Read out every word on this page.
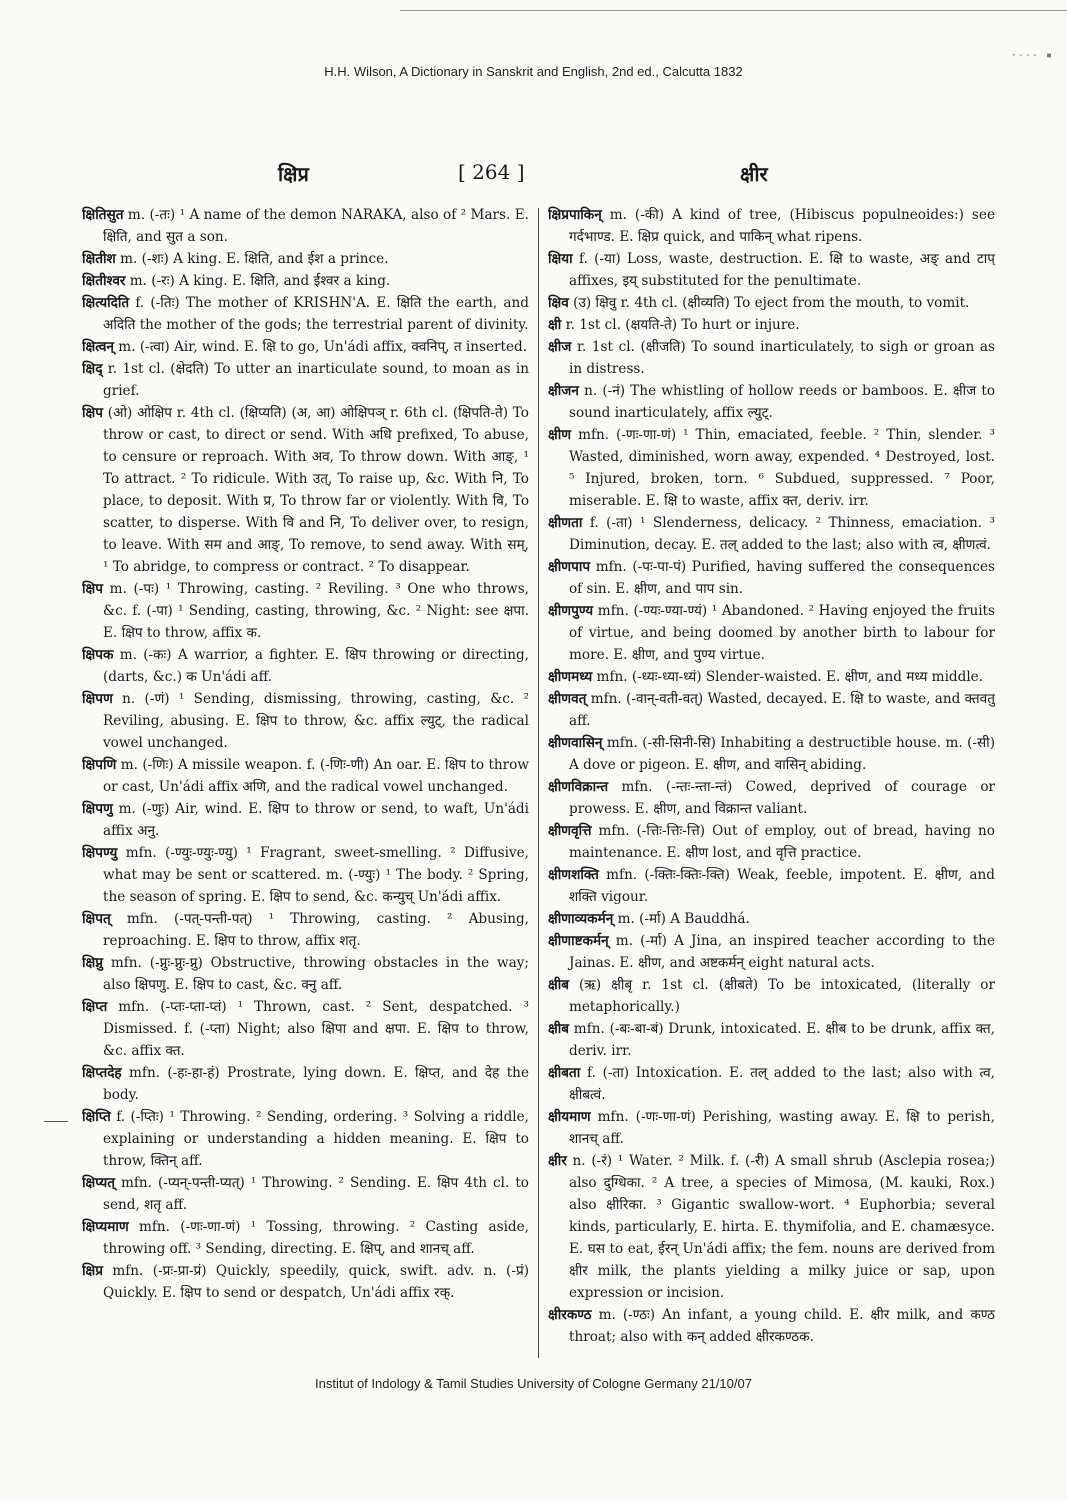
·‑‑‑ ▪
H.H. Wilson, A Dictionary in Sanskrit and English, 2nd ed., Calcutta 1832
क्षिप्र	[ 264 ]	क्षीर
क्षितिसुत m. (-तः) ¹ A name of the demon NARAKA, also of ² Mars. E. क्षिति, and सुत a son.
क्षितीश m. (-शः) A king. E. क्षिति, and ईश a prince.
क्षितीश्वर m. (-रः) A king. E. क्षिति, and ईश्वर a king.
क्षित्यदिति f. (-तिः) The mother of KRISHN'A. E. क्षिति the earth, and अदिति the mother of the gods; the terrestrial parent of divinity.
क्षित्वन् m. (-त्वा) Air, wind. E. क्षि to go, Un'ádi affix, क्वनिप्, त inserted.
क्षिद् r. 1st cl. (क्षेदति) To utter an inarticulate sound, to moan as in grief.
क्षिप (ओ) ओक्षिप r. 4th cl. (क्षिप्यति) (अ, आ) ओक्षिपञ् r. 6th cl. (क्षिपति-ते) To throw or cast, to direct or send. With अधि prefixed, To abuse, to censure or reproach. With अव, To throw down. With आङ्, ¹ To attract. ² To ridicule. With उत्, To raise up, &c. With नि, To place, to deposit. With प्र, To throw far or violently. With वि, To scatter, to disperse. With वि and नि, To deliver over, to resign, to leave. With सम and आङ्, To remove, to send away. With सम्, ¹ To abridge, to compress or contract. ² To disappear.
क्षिप m. (-पः) ¹ Throwing, casting. ² Reviling. ³ One who throws, &c. f. (-पा) ¹ Sending, casting, throwing, &c. ² Night: see क्षपा. E. क्षिप to throw, affix क.
क्षिपक m. (-कः) A warrior, a fighter. E. क्षिप throwing or directing, (darts, &c.) क Un'ádi aff.
क्षिपण n. (-णं) ¹ Sending, dismissing, throwing, casting, &c. ² Reviling, abusing. E. क्षिप to throw, &c. affix ल्युट्, the radical vowel unchanged.
क्षिपणि m. (-णिः) A missile weapon. f. (-णिः-णी) An oar. E. क्षिप to throw or cast, Un'ádi affix अणि, and the radical vowel unchanged.
क्षिपणु m. (-णुः) Air, wind. E. क्षिप to throw or send, to waft, Un'ádi affix अनु.
क्षिपण्यु mfn. (-ण्युः-ण्युः-ण्यु) ¹ Fragrant, sweet-smelling. ² Diffusive, what may be sent or scattered. m. (-ण्युः) ¹ The body. ² Spring, the season of spring. E. क्षिप to send, &c. कन्युच् Un'ádi affix.
क्षिपत् mfn. (-पत्-पन्ती-पत्) ¹ Throwing, casting. ² Abusing, reproaching. E. क्षिप to throw, affix शतृ.
क्षिप्नु mfn. (-प्नुः-प्नुः-प्नु) Obstructive, throwing obstacles in the way; also क्षिपणु. E. क्षिप to cast, &c. क्नु aff.
क्षिप्त mfn. (-प्तः-प्ता-प्तं) ¹ Thrown, cast. ² Sent, despatched. ³ Dismissed. f. (-प्ता) Night; also क्षिपा and क्षपा. E. क्षिप to throw, &c. affix क्त.
क्षिप्तदेह mfn. (-हः-हा-हं) Prostrate, lying down. E. क्षिप्त, and देह the body.
क्षिप्ति f. (-प्तिः) ¹ Throwing. ² Sending, ordering. ³ Solving a riddle, explaining or understanding a hidden meaning. E. क्षिप to throw, क्तिन् aff.
क्षिप्यत् mfn. (-प्यन्-पन्ती-प्यत्) ¹ Throwing. ² Sending. E. क्षिप 4th cl. to send, शतृ aff.
क्षिप्यमाण mfn. (-णः-णा-णं) ¹ Tossing, throwing. ² Casting aside, throwing off. ³ Sending, directing. E. क्षिप्, and शानच् aff.
क्षिप्र mfn. (-प्रः-प्रा-प्रं) Quickly, speedily, quick, swift. adv. n. (-प्रं) Quickly. E. क्षिप to send or despatch, Un'ádi affix रक्.
क्षिप्रपाकिन् m. (-की) A kind of tree, (Hibiscus populneoides:) see गर्दभाण्ड. E. क्षिप्र quick, and पाकिन् what ripens.
क्षिया f. (-या) Loss, waste, destruction. E. क्षि to waste, अङ् and टाप् affixes, इय् substituted for the penultimate.
क्षिव (उ) क्षिवु r. 4th cl. (क्षीव्यति) To eject from the mouth, to vomit.
क्षी r. 1st cl. (क्षयति-ते) To hurt or injure.
क्षीज r. 1st cl. (क्षीजति) To sound inarticulately, to sigh or groan as in distress.
क्षीजन n. (-नं) The whistling of hollow reeds or bamboos. E. क्षीज to sound inarticulately, affix ल्युट्.
क्षीण mfn. (-णः-णा-णं) ¹ Thin, emaciated, feeble. ² Thin, slender. ³ Wasted, diminished, worn away, expended. ⁴ Destroyed, lost. ⁵ Injured, broken, torn. ⁶ Subdued, suppressed. ⁷ Poor, miserable. E. क्षि to waste, affix क्त, deriv. irr.
क्षीणता f. (-ता) ¹ Slenderness, delicacy. ² Thinness, emaciation. ³ Diminution, decay. E. तल् added to the last; also with त्व, क्षीणत्वं.
क्षीणपाप mfn. (-पः-पा-पं) Purified, having suffered the consequences of sin. E. क्षीण, and पाप sin.
क्षीणपुण्य mfn. (-ण्यः-ण्या-ण्यं) ¹ Abandoned. ² Having enjoyed the fruits of virtue, and being doomed by another birth to labour for more. E. क्षीण, and पुण्य virtue.
क्षीणमध्य mfn. (-ध्यः-ध्या-ध्यं) Slender-waisted. E. क्षीण, and मध्य middle.
क्षीणवत् mfn. (-वान्-वती-वत्) Wasted, decayed. E. क्षि to waste, and क्तवतु aff.
क्षीणवासिन् mfn. (-सी-सिनी-सि) Inhabiting a destructible house. m. (-सी) A dove or pigeon. E. क्षीण, and वासिन् abiding.
क्षीणविक्रान्त mfn. (-न्तः-न्ता-न्तं) Cowed, deprived of courage or prowess. E. क्षीण, and विक्रान्त valiant.
क्षीणवृत्ति mfn. (-त्तिः-त्तिः-त्ति) Out of employ, out of bread, having no maintenance. E. क्षीण lost, and वृत्ति practice.
क्षीणशक्ति mfn. (-क्तिः-क्तिः-क्ति) Weak, feeble, impotent. E. क्षीण, and शक्ति vigour.
क्षीणाव्यकर्मन् m. (-र्मा) A Bauddhá.
क्षीणाष्टकर्मन् m. (-र्मा) A Jina, an inspired teacher according to the Jainas. E. क्षीण, and अष्टकर्मन् eight natural acts.
क्षीब (ऋ) क्षीबृ r. 1st cl. (क्षीबते) To be intoxicated, (literally or metaphorically.)
क्षीब mfn. (-बः-बा-बं) Drunk, intoxicated. E. क्षीब to be drunk, affix क्त, deriv. irr.
क्षीबता f. (-ता) Intoxication. E. तल् added to the last; also with त्व, क्षीबत्वं.
क्षीयमाण mfn. (-णः-णा-णं) Perishing, wasting away. E. क्षि to perish, शानच् aff.
क्षीर n. (-रं) ¹ Water. ² Milk. f. (-री) A small shrub (Asclepia rosea;) also दुग्धिका. ² A tree, a species of Mimosa, (M. kauki, Rox.) also क्षीरिका. ³ Gigantic swallow-wort. ⁴ Euphorbia; several kinds, particularly, E. hirta. E. thymifolia, and E. chamæsyce. E. घस to eat, ईरन् Un'ádi affix; the fem. nouns are derived from क्षीर milk, the plants yielding a milky juice or sap, upon expression or incision.
क्षीरकण्ठ m. (-ण्ठः) An infant, a young child. E. क्षीर milk, and कण्ठ throat; also with कन् added क्षीरकण्ठक.
Institut of Indology & Tamil Studies University of Cologne Germany 21/10/07
